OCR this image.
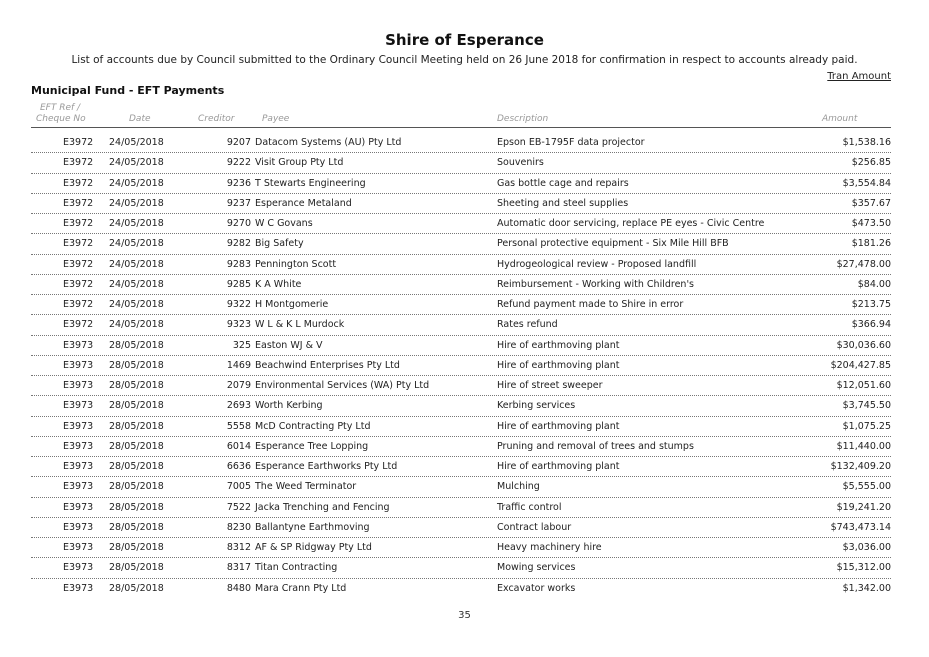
Shire of Esperance
List of accounts due by Council submitted to the Ordinary Council Meeting held on 26 June 2018 for confirmation in respect to accounts already paid.
Tran Amount
Municipal Fund - EFT Payments
EFT Ref /
Cheque No	Date	Creditor	Payee	Description	Amount
E3972 24/05/2018	9207 Datacom Systems (AU) Pty Ltd	Epson EB-1795F data projector	$1,538.16
E3972 24/05/2018	9222 Visit Group Pty Ltd	Souvenirs	$256.85
E3972 24/05/2018	9236 T Stewarts Engineering	Gas bottle cage and repairs	$3,554.84
E3972 24/05/2018	9237 Esperance Metaland	Sheeting and steel supplies	$357.67
E3972 24/05/2018	9270 W C Govans	Automatic door servicing, replace PE eyes - Civic Centre	$473.50
E3972 24/05/2018	9282 Big Safety	Personal protective equipment - Six Mile Hill BFB	$181.26
E3972 24/05/2018	9283 Pennington Scott	Hydrogeological review - Proposed landfill	$27,478.00
E3972 24/05/2018	9285 K A White	Reimbursement - Working with Children's	$84.00
E3972 24/05/2018	9322 H Montgomerie	Refund payment made to Shire in error	$213.75
E3972 24/05/2018	9323 W L & K L Murdock	Rates refund	$366.94
E3973 28/05/2018	325 Easton WJ & V	Hire of earthmoving plant	$30,036.60
E3973 28/05/2018	1469 Beachwind Enterprises Pty Ltd	Hire of earthmoving plant	$204,427.85
E3973 28/05/2018	2079 Environmental Services (WA) Pty Ltd	Hire of street sweeper	$12,051.60
E3973 28/05/2018	2693 Worth Kerbing	Kerbing services	$3,745.50
E3973 28/05/2018	5558 McD Contracting Pty Ltd	Hire of earthmoving plant	$1,075.25
E3973 28/05/2018	6014 Esperance Tree Lopping	Pruning and removal of trees and stumps	$11,440.00
E3973 28/05/2018	6636 Esperance Earthworks Pty Ltd	Hire of earthmoving plant	$132,409.20
E3973 28/05/2018	7005 The Weed Terminator	Mulching	$5,555.00
E3973 28/05/2018	7522 Jacka Trenching and Fencing	Traffic control	$19,241.20
E3973 28/05/2018	8230 Ballantyne Earthmoving	Contract labour	$743,473.14
E3973 28/05/2018	8312 AF & SP Ridgway Pty Ltd	Heavy machinery hire	$3,036.00
E3973 28/05/2018	8317 Titan Contracting	Mowing services	$15,312.00
E3973 28/05/2018	8480 Mara Crann Pty Ltd	Excavator works	$1,342.00
35
